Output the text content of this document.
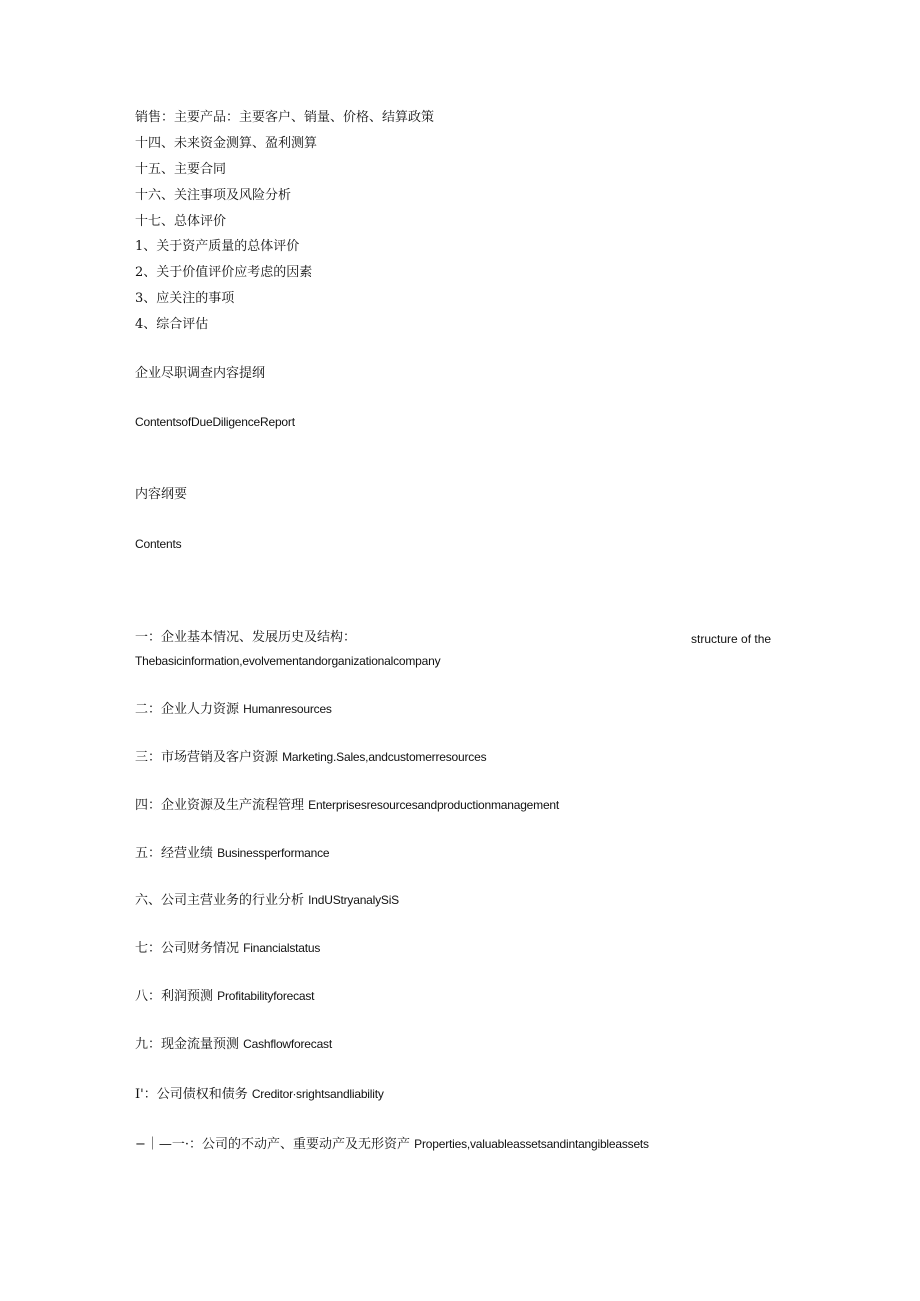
销售：主要产品：主要客户、销量、价格、结算政策
十四、未来资金测算、盈利测算
十五、主要合同
十六、关注事项及风险分析
十七、总体评价
1、关于资产质量的总体评价
2、关于价值评价应考虑的因素
3、应关注的事项
4、综合评估
企业尽职调查内容提纲
ContentsofDueDiligenceReport
内容纲要
Contents
一：企业基本情况、发展历史及结构：	structure of the
Thebasicinformation,evolvementandorganizationalcompany
二：企业人力资源 Humanresources
三：市场营销及客户资源 Marketing.Sales,andcustomerresources
四：企业资源及生产流程管理 Enterprisesresourcesandproductionmanagement
五：经营业绩 Businessperformance
六、公司主营业务的行业分析 IndUStryanalySiS
七：公司财务情况 Financialstatus
八：利润预测 Profitabilityforecast
九：现金流量预测 Cashflowforecast
I'：公司债权和债务 Creditor∙srightsandliability
−｜—一·：公司的不动产、重要动产及无形资产 Properties,valuableassetsandintangibleassets
